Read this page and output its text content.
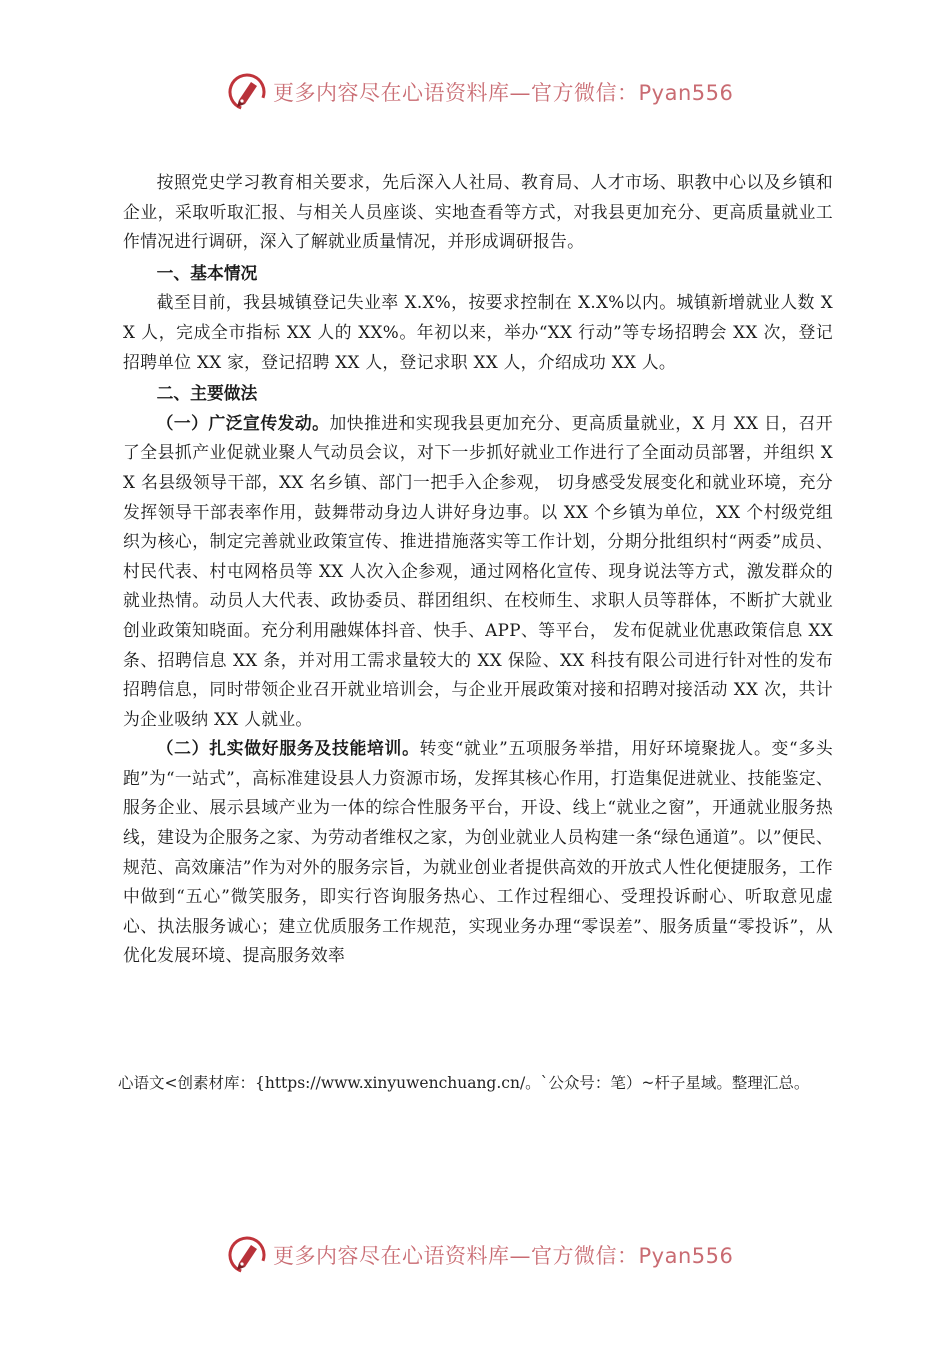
更多内容尽在心语资料库—官方微信：Pyan556

按照党史学习教育相关要求，先后深入人社局、教育局、人才市场、职教中心以及乡镇和企业，采取听取汇报、与相关人员座谈、实地查看等方式，对我县更加充分、更高质量就业工作情况进行调研，深入了解就业质量情况，并形成调研报告。

一、基本情况

截至目前，我县城镇登记失业率 X.X%，按要求控制在 X.X%以内。城镇新增就业人数 XX 人，完成全市指标 XX 人的 XX%。年初以来，举办“XX 行动”等专场招聘会 XX 次，登记招聘单位 XX 家，登记招聘 XX 人，登记求职 XX 人，介绍成功 XX 人。

二、主要做法

（一）广泛宣传发动。加快推进和实现我县更加充分、更高质量就业，X 月 XX 日，召开了全县抓产业促就业聚人气动员会议，对下一步抓好就业工作进行了全面动员部署，并组织 XX 名县级领导干部，XX 名乡镇、部门一把手入企参观， 切身感受发展变化和就业环境，充分发挥领导干部表率作用，鼓舞带动身边人讲好身边事。以 XX 个乡镇为单位，XX 个村级党组织为核心，制定完善就业政策宣传、推进措施落实等工作计划，分期分批组织村“两委”成员、村民代表、村屯网格员等 XX 人次入企参观，通过网格化宣传、现身说法等方式，激发群众的就业热情。动员人大代表、政协委员、群团组织、在校师生、求职人员等群体，不断扩大就业创业政策知晓面。充分利用融媒体抖音、快手、APP、等平台， 发布促就业优惠政策信息 XX 条、招聘信息 XX 条，并对用工需求量较大的 XX 保险、XX 科技有限公司进行针对性的发布招聘信息，同时带领企业召开就业培训会，与企业开展政策对接和招聘对接活动 XX 次，共计为企业吸纳 XX 人就业。

（二）扎实做好服务及技能培训。转变“就业”五项服务举措，用好环境聚拢人。变“多头跑”为“一站式”，高标准建设县人力资源市场，发挥其核心作用，打造集促进就业、技能鉴定、服务企业、展示县域产业为一体的综合性服务平台，开设、线上“就业之窗”，开通就业服务热线，建设为企服务之家、为劳动者维权之家，为创业就业人员构建一条“绿色通道”。以”便民、规范、高效廉洁”作为对外的服务宗旨，为就业创业者提供高效的开放式人性化便捷服务，工作中做到“五心”微笑服务，即实行咨询服务热心、工作过程细心、受理投诉耐心、听取意见虚心、执法服务诚心；建立优质服务工作规范，实现业务办理“零误差”、服务质量“零投诉”，从优化发展环境、提高服务效率

心语文<创素材库：{https://www.xinyuwenchuang.cn/。`公众号：笔）~杆子星域。整理汇总。

更多内容尽在心语资料库—官方微信：Pyan556
